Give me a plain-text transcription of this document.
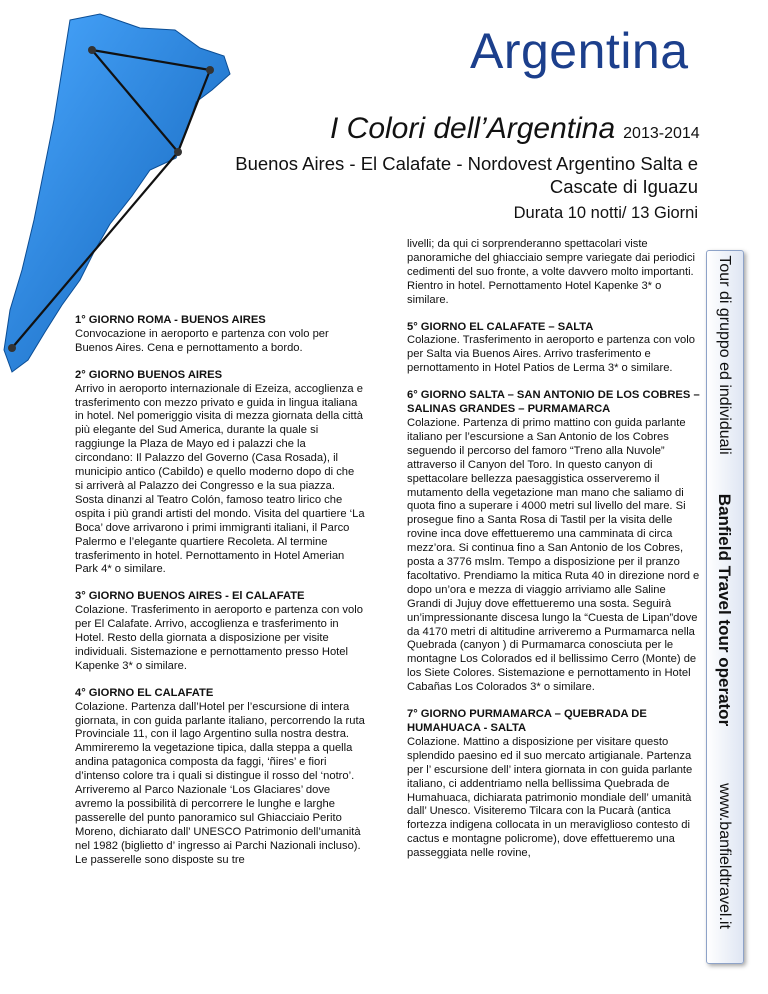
Argentina
I Colori dell’Argentina 2013-2014
Buenos Aires - El Calafate - Nordovest Argentino Salta e
Cascate di Iguazu
Durata 10 notti/ 13 Giorni
1° GIORNO ROMA - BUENOS AIRES

Convocazione in aeroporto e partenza con volo per Buenos Aires. Cena e pernottamento a bordo.

2° GIORNO BUENOS AIRES

Arrivo in aeroporto internazionale di Ezeiza, accoglienza e trasferimento con mezzo privato e guida in lingua italiana in hotel. Nel pomeriggio visita di mezza giornata della città più elegante del Sud America, durante la quale si raggiunge la Plaza de Mayo ed i palazzi che la circondano: Il Palazzo del Governo (Casa Rosada), il municipio antico (Cabildo) e quello moderno dopo di che si arriverà al Palazzo dei Congresso e la sua piazza. Sosta dinanzi al Teatro Colón, famoso teatro lirico che ospita i più grandi artisti del mondo. Visita del quartiere ‘La Boca’ dove arrivarono i primi immigranti italiani, il Parco Palermo e l’elegante quartiere Recoleta. Al termine trasferimento in hotel. Pernottamento in Hotel Amerian Park 4* o similare.

3° GIORNO BUENOS AIRES - El CALAFATE

Colazione. Trasferimento in aeroporto e partenza con volo per El Calafate. Arrivo, accoglienza e trasferimento in Hotel. Resto della giornata a disposizione per visite individuali. Sistemazione e pernottamento presso Hotel Kapenke 3* o similare.

4° GIORNO EL CALAFATE

Colazione. Partenza dall’Hotel per l’escursione di intera giornata, in con guida parlante italiano, percorrendo la ruta Provinciale 11, con il lago Argentino sulla nostra destra. Ammireremo la vegetazione tipica, dalla steppa a quella andina patagonica composta da faggi, ‘ñires’ e fiori d’intenso colore tra i quali si distingue il rosso del ‘notro’. Arriveremo al Parco Nazionale ‘Los Glaciares’ dove avremo la possibilità di percorrere le lunghe e larghe passerelle del punto panoramico sul Ghiacciaio Perito Moreno, dichiarato dall’ UNESCO Patrimonio dell’umanità nel 1982 (biglietto d’ ingresso ai Parchi Nazionali incluso). Le passerelle sono disposte su tre

livelli; da qui ci sorprenderanno spettacolari viste panoramiche del ghiacciaio sempre variegate dai periodici cedimenti del suo fronte, a volte davvero molto importanti. Rientro in hotel. Pernottamento Hotel Kapenke 3* o similare.

5° GIORNO EL CALAFATE – SALTA

Colazione. Trasferimento in aeroporto e partenza con volo per Salta via Buenos Aires. Arrivo trasferimento e pernottamento in Hotel Patios de Lerma 3* o similare.

6° GIORNO SALTA – SAN ANTONIO DE LOS COBRES – SALINAS GRANDES – PURMAMARCA

Colazione. Partenza di primo mattino con guida parlante italiano per l’escursione a San Antonio de los Cobres seguendo il percorso del famoro “Treno alla Nuvole” attraverso il Canyon del Toro. In questo canyon di spettacolare bellezza paesaggistica osserveremo il mutamento della vegetazione man mano che saliamo di quota fino a superare i 4000 metri sul livello del mare. Si prosegue fino a Santa Rosa di Tastil per la visita delle rovine inca dove effettueremo una camminata di circa mezz’ora. Si continua fino a San Antonio de los Cobres, posta a 3776 mslm. Tempo a disposizione per il pranzo facoltativo. Prendiamo la mitica Ruta 40 in direzione nord e dopo un’ora e mezza di viaggio arriviamo alle Saline Grandi di Jujuy dove effettueremo una sosta. Seguirà un’impressionante discesa lungo la “Cuesta de Lipan”dove da 4170 metri di altitudine arriveremo a Purmamarca nella Quebrada (canyon ) di Purmamarca conosciuta per le montagne Los Colorados ed il bellissimo Cerro (Monte) de los Siete Colores. Sistemazione e pernottamento in Hotel Cabañas Los Colorados 3* o similare.

7° GIORNO PURMAMARCA – QUEBRADA DE HUMAHUACA - SALTA

Colazione. Mattino a disposizione per visitare questo splendido paesino ed il suo mercato artigianale. Partenza per l’ escursione dell’ intera giornata in con guida parlante italiano, ci addentriamo nella bellissima Quebrada de Humahuaca, dichiarata patrimonio mondiale dell’ umanità dall’ Unesco. Visiteremo Tilcara con la Pucarà (antica fortezza indigena collocata in un meraviglioso contesto di cactus e montagne policrome), dove effettueremo una passeggiata nelle rovine,

Tour di gruppo ed individuali
Banfield Travel tour operator
www.banfieldtravel.it
